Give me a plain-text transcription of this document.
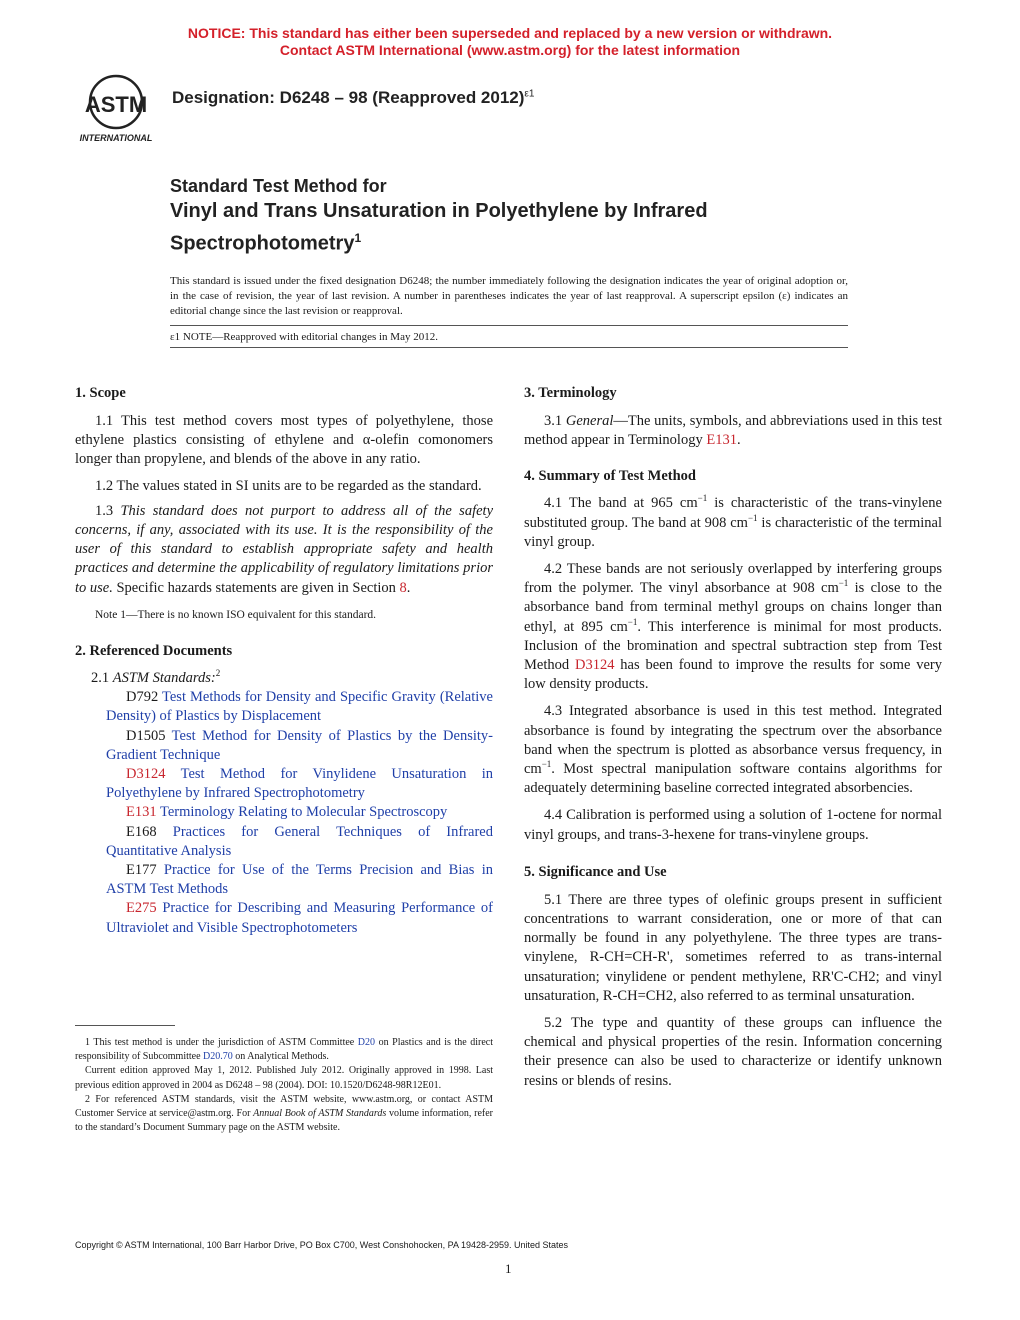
NOTICE: This standard has either been superseded and replaced by a new version or withdrawn.
Contact ASTM International (www.astm.org) for the latest information
ASTM
INTERNATIONAL
Designation: D6248 – 98 (Reapproved 2012)$^{\varepsilon 1}$
Standard Test Method for
Vinyl and Trans Unsaturation in Polyethylene by Infrared
Spectrophotometry$^1$
This standard is issued under the fixed designation D6248; the number immediately following the designation indicates the year of original adoption or, in the case of revision, the year of last revision. A number in parentheses indicates the year of last reapproval. A superscript epsilon (ε) indicates an editorial change since the last revision or reapproval.
ε1 NOTE—Reapproved with editorial changes in May 2012.
1. Scope

1.1 This test method covers most types of polyethylene, those ethylene plastics consisting of ethylene and α-olefin comonomers longer than propylene, and blends of the above in any ratio.

1.2 The values stated in SI units are to be regarded as the standard.

1.3 This standard does not purport to address all of the safety concerns, if any, associated with its use. It is the responsibility of the user of this standard to establish appropriate safety and health practices and determine the applicability of regulatory limitations prior to use. Specific hazards statements are given in Section 8.

Note 1—There is no known ISO equivalent for this standard.

2. Referenced Documents

2.1 ASTM Standards:$^2$

D792 Test Methods for Density and Specific Gravity (Relative Density) of Plastics by Displacement

D1505 Test Method for Density of Plastics by the Density-Gradient Technique

D3124 Test Method for Vinylidene Unsaturation in Polyethylene by Infrared Spectrophotometry

E131 Terminology Relating to Molecular Spectroscopy

E168 Practices for General Techniques of Infrared Quantitative Analysis

E177 Practice for Use of the Terms Precision and Bias in ASTM Test Methods

E275 Practice for Describing and Measuring Performance of Ultraviolet and Visible Spectrophotometers

1 This test method is under the jurisdiction of ASTM Committee D20 on Plastics and is the direct responsibility of Subcommittee D20.70 on Analytical Methods.

Current edition approved May 1, 2012. Published July 2012. Originally approved in 1998. Last previous edition approved in 2004 as D6248 – 98 (2004). DOI: 10.1520/D6248-98R12E01.

2 For referenced ASTM standards, visit the ASTM website, www.astm.org, or contact ASTM Customer Service at service@astm.org. For Annual Book of ASTM Standards volume information, refer to the standard’s Document Summary page on the ASTM website.

3. Terminology

3.1 General—The units, symbols, and abbreviations used in this test method appear in Terminology E131.

4. Summary of Test Method

4.1 The band at 965 $cm^{-1}$ is characteristic of the trans-vinylene substituted group. The band at 908 $cm^{-1}$ is characteristic of the terminal vinyl group.

4.2 These bands are not seriously overlapped by interfering groups from the polymer. The vinyl absorbance at 908 $cm^{-1}$ is close to the absorbance band from terminal methyl groups on chains longer than ethyl, at 895 $cm^{-1}$. This interference is minimal for most products. Inclusion of the bromination and spectral subtraction step from Test Method D3124 has been found to improve the results for some very low density products.

4.3 Integrated absorbance is used in this test method. Integrated absorbance is found by integrating the spectrum over the absorbance band when the spectrum is plotted as absorbance versus frequency, in $cm^{-1}$. Most spectral manipulation software contains algorithms for adequately determining baseline corrected integrated absorbencies.

4.4 Calibration is performed using a solution of 1-octene for normal vinyl groups, and trans-3-hexene for trans-vinylene groups.

5. Significance and Use

5.1 There are three types of olefinic groups present in sufficient concentrations to warrant consideration, one or more of that can normally be found in any polyethylene. The three types are trans-vinylene, R-CH=CH-R', sometimes referred to as trans-internal unsaturation; vinylidene or pendent methylene, RR'C-CH2; and vinyl unsaturation, R-CH=CH2, also referred to as terminal unsaturation.

5.2 The type and quantity of these groups can influence the chemical and physical properties of the resin. Information concerning their presence can also be used to characterize or identify unknown resins or blends of resins.

Copyright © ASTM International, 100 Barr Harbor Drive, PO Box C700, West Conshohocken, PA 19428-2959. United States
1
